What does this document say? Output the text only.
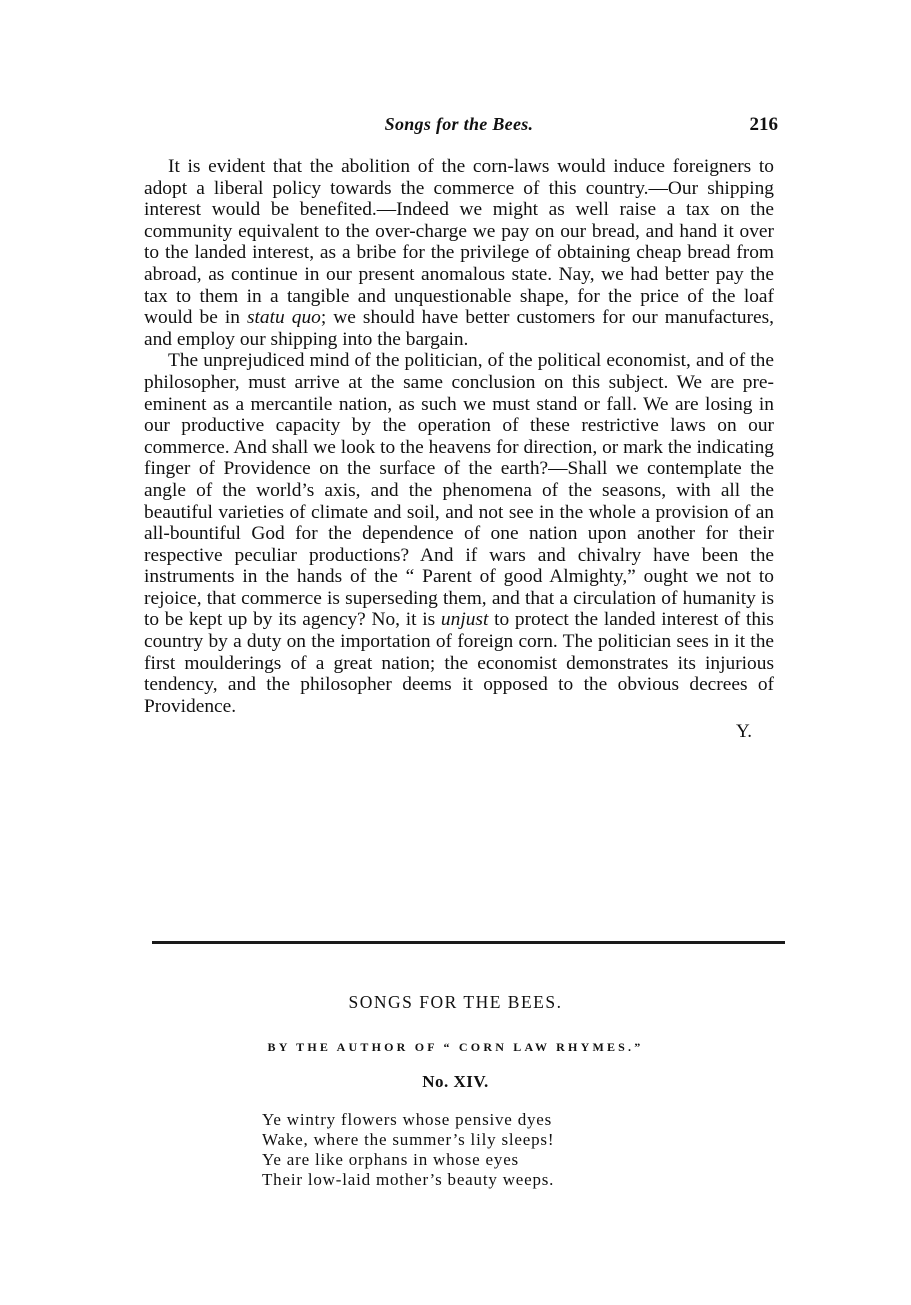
Songs for the Bees.	216

It is evident that the abolition of the corn-laws would induce foreigners to adopt a liberal policy towards the commerce of this country.—Our shipping interest would be benefited.—Indeed we might as well raise a tax on the community equivalent to the over-charge we pay on our bread, and hand it over to the landed interest, as a bribe for the privilege of obtaining cheap bread from abroad, as continue in our present anomalous state. Nay, we had better pay the tax to them in a tangible and unquestionable shape, for the price of the loaf would be in statu quo; we should have better customers for our manufactures, and employ our shipping into the bargain.

The unprejudiced mind of the politician, of the political economist, and of the philosopher, must arrive at the same conclusion on this subject. We are pre-eminent as a mercantile nation, as such we must stand or fall. We are losing in our productive capacity by the operation of these restrictive laws on our commerce. And shall we look to the heavens for direction, or mark the indicating finger of Providence on the surface of the earth?—Shall we contemplate the angle of the world’s axis, and the phenomena of the seasons, with all the beautiful varieties of climate and soil, and not see in the whole a provision of an all-bountiful God for the dependence of one nation upon another for their respective peculiar productions? And if wars and chivalry have been the instruments in the hands of the “ Parent of good Almighty,” ought we not to rejoice, that commerce is superseding them, and that a circulation of humanity is to be kept up by its agency? No, it is unjust to protect the landed interest of this country by a duty on the importation of foreign corn. The politician sees in it the first moulderings of a great nation; the economist demonstrates its injurious tendency, and the philosopher deems it opposed to the obvious decrees of Providence.

Y.
SONGS FOR THE BEES.
BY THE AUTHOR OF “ CORN LAW RHYMES.”
No. XIV.
Ye wintry flowers whose pensive dyes
Wake, where the summer’s lily sleeps!
Ye are like orphans in whose eyes
Their low-laid mother’s beauty weeps.
